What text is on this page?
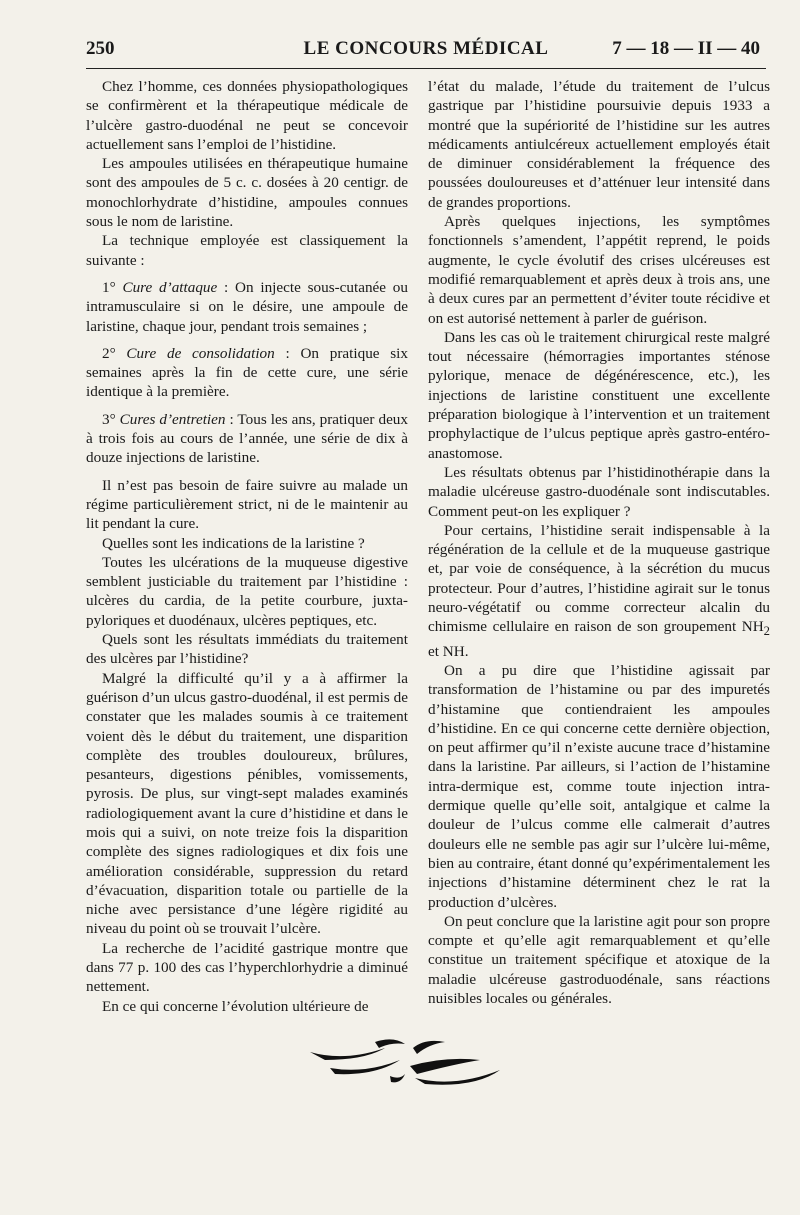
250	LE CONCOURS MÉDICAL	7 — 18 — II — 40

Chez l’homme, ces données physiopathologiques se confirmèrent et la thérapeutique médicale de l’ulcère gastro-duodénal ne peut se concevoir actuellement sans l’emploi de l’histidine.

Les ampoules utilisées en thérapeutique humaine sont des ampoules de 5 c. c. dosées à 20 centigr. de monochlorhydrate d’histidine, ampoules connues sous le nom de laristine.

La technique employée est classiquement la suivante :

1° Cure d’attaque : On injecte sous-cutanée ou intramusculaire si on le désire, une ampoule de laristine, chaque jour, pendant trois semaines ;

2° Cure de consolidation : On pratique six semaines après la fin de cette cure, une série identique à la première.

3° Cures d’entretien : Tous les ans, pratiquer deux à trois fois au cours de l’année, une série de dix à douze injections de laristine.

Il n’est pas besoin de faire suivre au malade un régime particulièrement strict, ni de le maintenir au lit pendant la cure.

Quelles sont les indications de la laristine ?

Toutes les ulcérations de la muqueuse digestive semblent justiciable du traitement par l’histidine : ulcères du cardia, de la petite courbure, juxta-pyloriques et duodénaux, ulcères peptiques, etc.

Quels sont les résultats immédiats du traitement des ulcères par l’histidine?

Malgré la difficulté qu’il y a à affirmer la guérison d’un ulcus gastro-duodénal, il est permis de constater que les malades soumis à ce traitement voient dès le début du traitement, une disparition complète des troubles douloureux, brûlures, pesanteurs, digestions pénibles, vomissements, pyrosis. De plus, sur vingt-sept malades examinés radiologiquement avant la cure d’histidine et dans le mois qui a suivi, on note treize fois la disparition complète des signes radiologiques et dix fois une amélioration considérable, suppression du retard d’évacuation, disparition totale ou partielle de la niche avec persistance d’une légère rigidité au niveau du point où se trouvait l’ulcère.

La recherche de l’acidité gastrique montre que dans 77 p. 100 des cas l’hyperchlorhydrie a diminué nettement.

En ce qui concerne l’évolution ultérieure de

l’état du malade, l’étude du traitement de l’ulcus gastrique par l’histidine poursuivie depuis 1933 a montré que la supériorité de l’histidine sur les autres médicaments antiulcéreux actuellement employés était de diminuer considérablement la fréquence des poussées douloureuses et d’atténuer leur intensité dans de grandes proportions.

Après quelques injections, les symptômes fonctionnels s’amendent, l’appétit reprend, le poids augmente, le cycle évolutif des crises ulcéreuses est modifié remarquablement et après deux à trois ans, une à deux cures par an permettent d’éviter toute récidive et on est autorisé nettement à parler de guérison.

Dans les cas où le traitement chirurgical reste malgré tout nécessaire (hémorragies importantes sténose pylorique, menace de dégénérescence, etc.), les injections de laristine constituent une excellente préparation biologique à l’intervention et un traitement prophylactique de l’ulcus peptique après gastro-entéro-anastomose.

Les résultats obtenus par l’histidinothérapie dans la maladie ulcéreuse gastro-duodénale sont indiscutables. Comment peut-on les expliquer ?

Pour certains, l’histidine serait indispensable à la régénération de la cellule et de la muqueuse gastrique et, par voie de conséquence, à la sécrétion du mucus protecteur. Pour d’autres, l’histidine agirait sur le tonus neuro-végétatif ou comme correcteur alcalin du chimisme cellulaire en raison de son groupement $NH_2$ et NH.

On a pu dire que l’histidine agissait par transformation de l’histamine ou par des impuretés d’histamine que contiendraient les ampoules d’histidine. En ce qui concerne cette dernière objection, on peut affirmer qu’il n’existe aucune trace d’histamine dans la laristine. Par ailleurs, si l’action de l’histamine intra-dermique est, comme toute injection intra-dermique quelle qu’elle soit, antalgique et calme la douleur de l’ulcus comme elle calmerait d’autres douleurs elle ne semble pas agir sur l’ulcère lui-même, bien au contraire, étant donné qu’expérimentalement les injections d’histamine déterminent chez le rat la production d’ulcères.

On peut conclure que la laristine agit pour son propre compte et qu’elle agit remarquablement et qu’elle constitue un traitement spécifique et atoxique de la maladie ulcéreuse gastroduodénale, sans réactions nuisibles locales ou générales.
